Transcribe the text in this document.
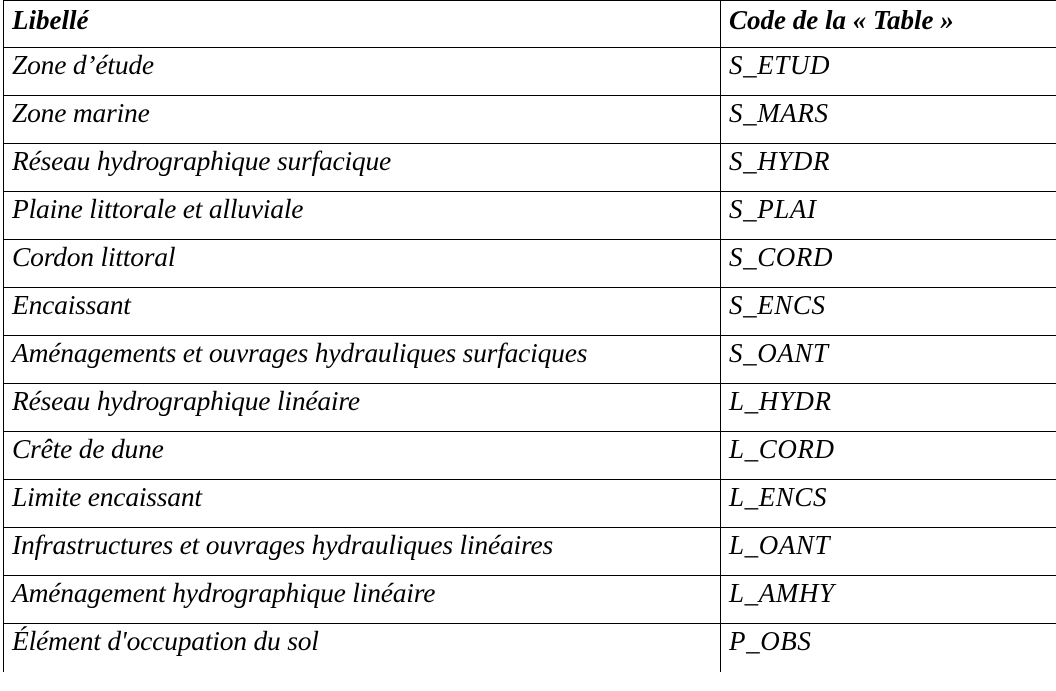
Libellé	Code de la « Table »
Zone d’étude	S_ETUD
Zone marine	S_MARS
Réseau hydrographique surfacique	S_HYDR
Plaine littorale et alluviale	S_PLAI
Cordon littoral	S_CORD
Encaissant	S_ENCS
Aménagements et ouvrages hydrauliques surfaciques	S_OANT
Réseau hydrographique linéaire	L_HYDR
Crête de dune	L_CORD
Limite encaissant	L_ENCS
Infrastructures et ouvrages hydrauliques linéaires	L_OANT
Aménagement hydrographique linéaire	L_AMHY
Élément d'occupation du sol	P_OBS
